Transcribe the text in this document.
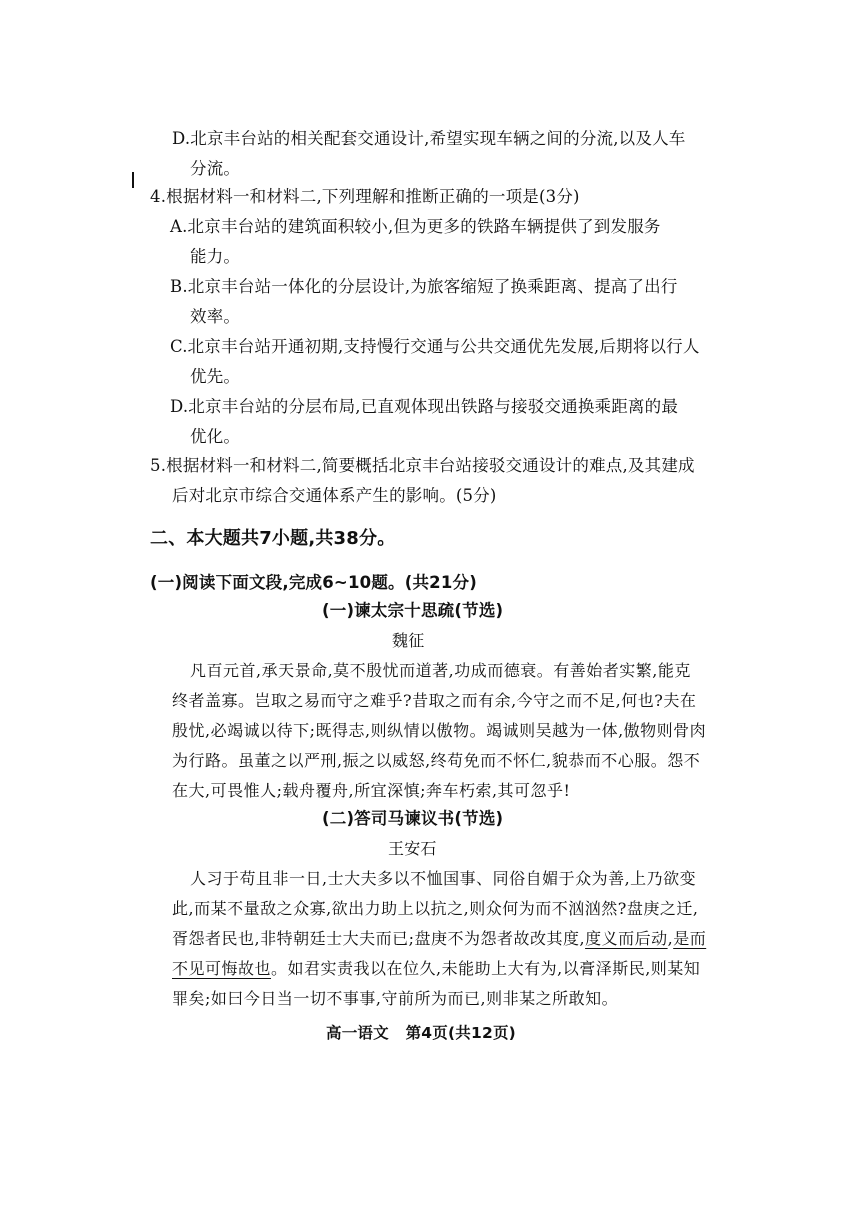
D.北京丰台站的相关配套交通设计,希望实现车辆之间的分流,以及人车
分流。
4.根据材料一和材料二,下列理解和推断正确的一项是(3分)
A.北京丰台站的建筑面积较小,但为更多的铁路车辆提供了到发服务
能力。
B.北京丰台站一体化的分层设计,为旅客缩短了换乘距离、提高了出行
效率。
C.北京丰台站开通初期,支持慢行交通与公共交通优先发展,后期将以行人
优先。
D.北京丰台站的分层布局,已直观体现出铁路与接驳交通换乘距离的最
优化。
5.根据材料一和材料二,简要概括北京丰台站接驳交通设计的难点,及其建成
后对北京市综合交通体系产生的影响。(5分)
二、本大题共7小题,共38分。
(一)阅读下面文段,完成6~10题。(共21分)
(一)谏太宗十思疏(节选)
魏征
凡百元首,承天景命,莫不殷忧而道著,功成而德衰。有善始者实繁,能克
终者盖寡。岂取之易而守之难乎?昔取之而有余,今守之而不足,何也?夫在
殷忧,必竭诚以待下;既得志,则纵情以傲物。竭诚则吴越为一体,傲物则骨肉
为行路。虽董之以严刑,振之以威怒,终苟免而不怀仁,貌恭而不心服。怨不
在大,可畏惟人;载舟覆舟,所宜深慎;奔车朽索,其可忽乎!
(二)答司马谏议书(节选)
王安石
人习于苟且非一日,士大夫多以不恤国事、同俗自媚于众为善,上乃欲变
此,而某不量敌之众寡,欲出力助上以抗之,则众何为而不汹汹然?盘庚之迁,
胥怨者民也,非特朝廷士大夫而已;盘庚不为怨者故改其度,度义而后动,是而
不见可悔故也。如君实责我以在位久,未能助上大有为,以膏泽斯民,则某知
罪矣;如曰今日当一切不事事,守前所为而已,则非某之所敢知。
高一语文 第4页(共12页)
